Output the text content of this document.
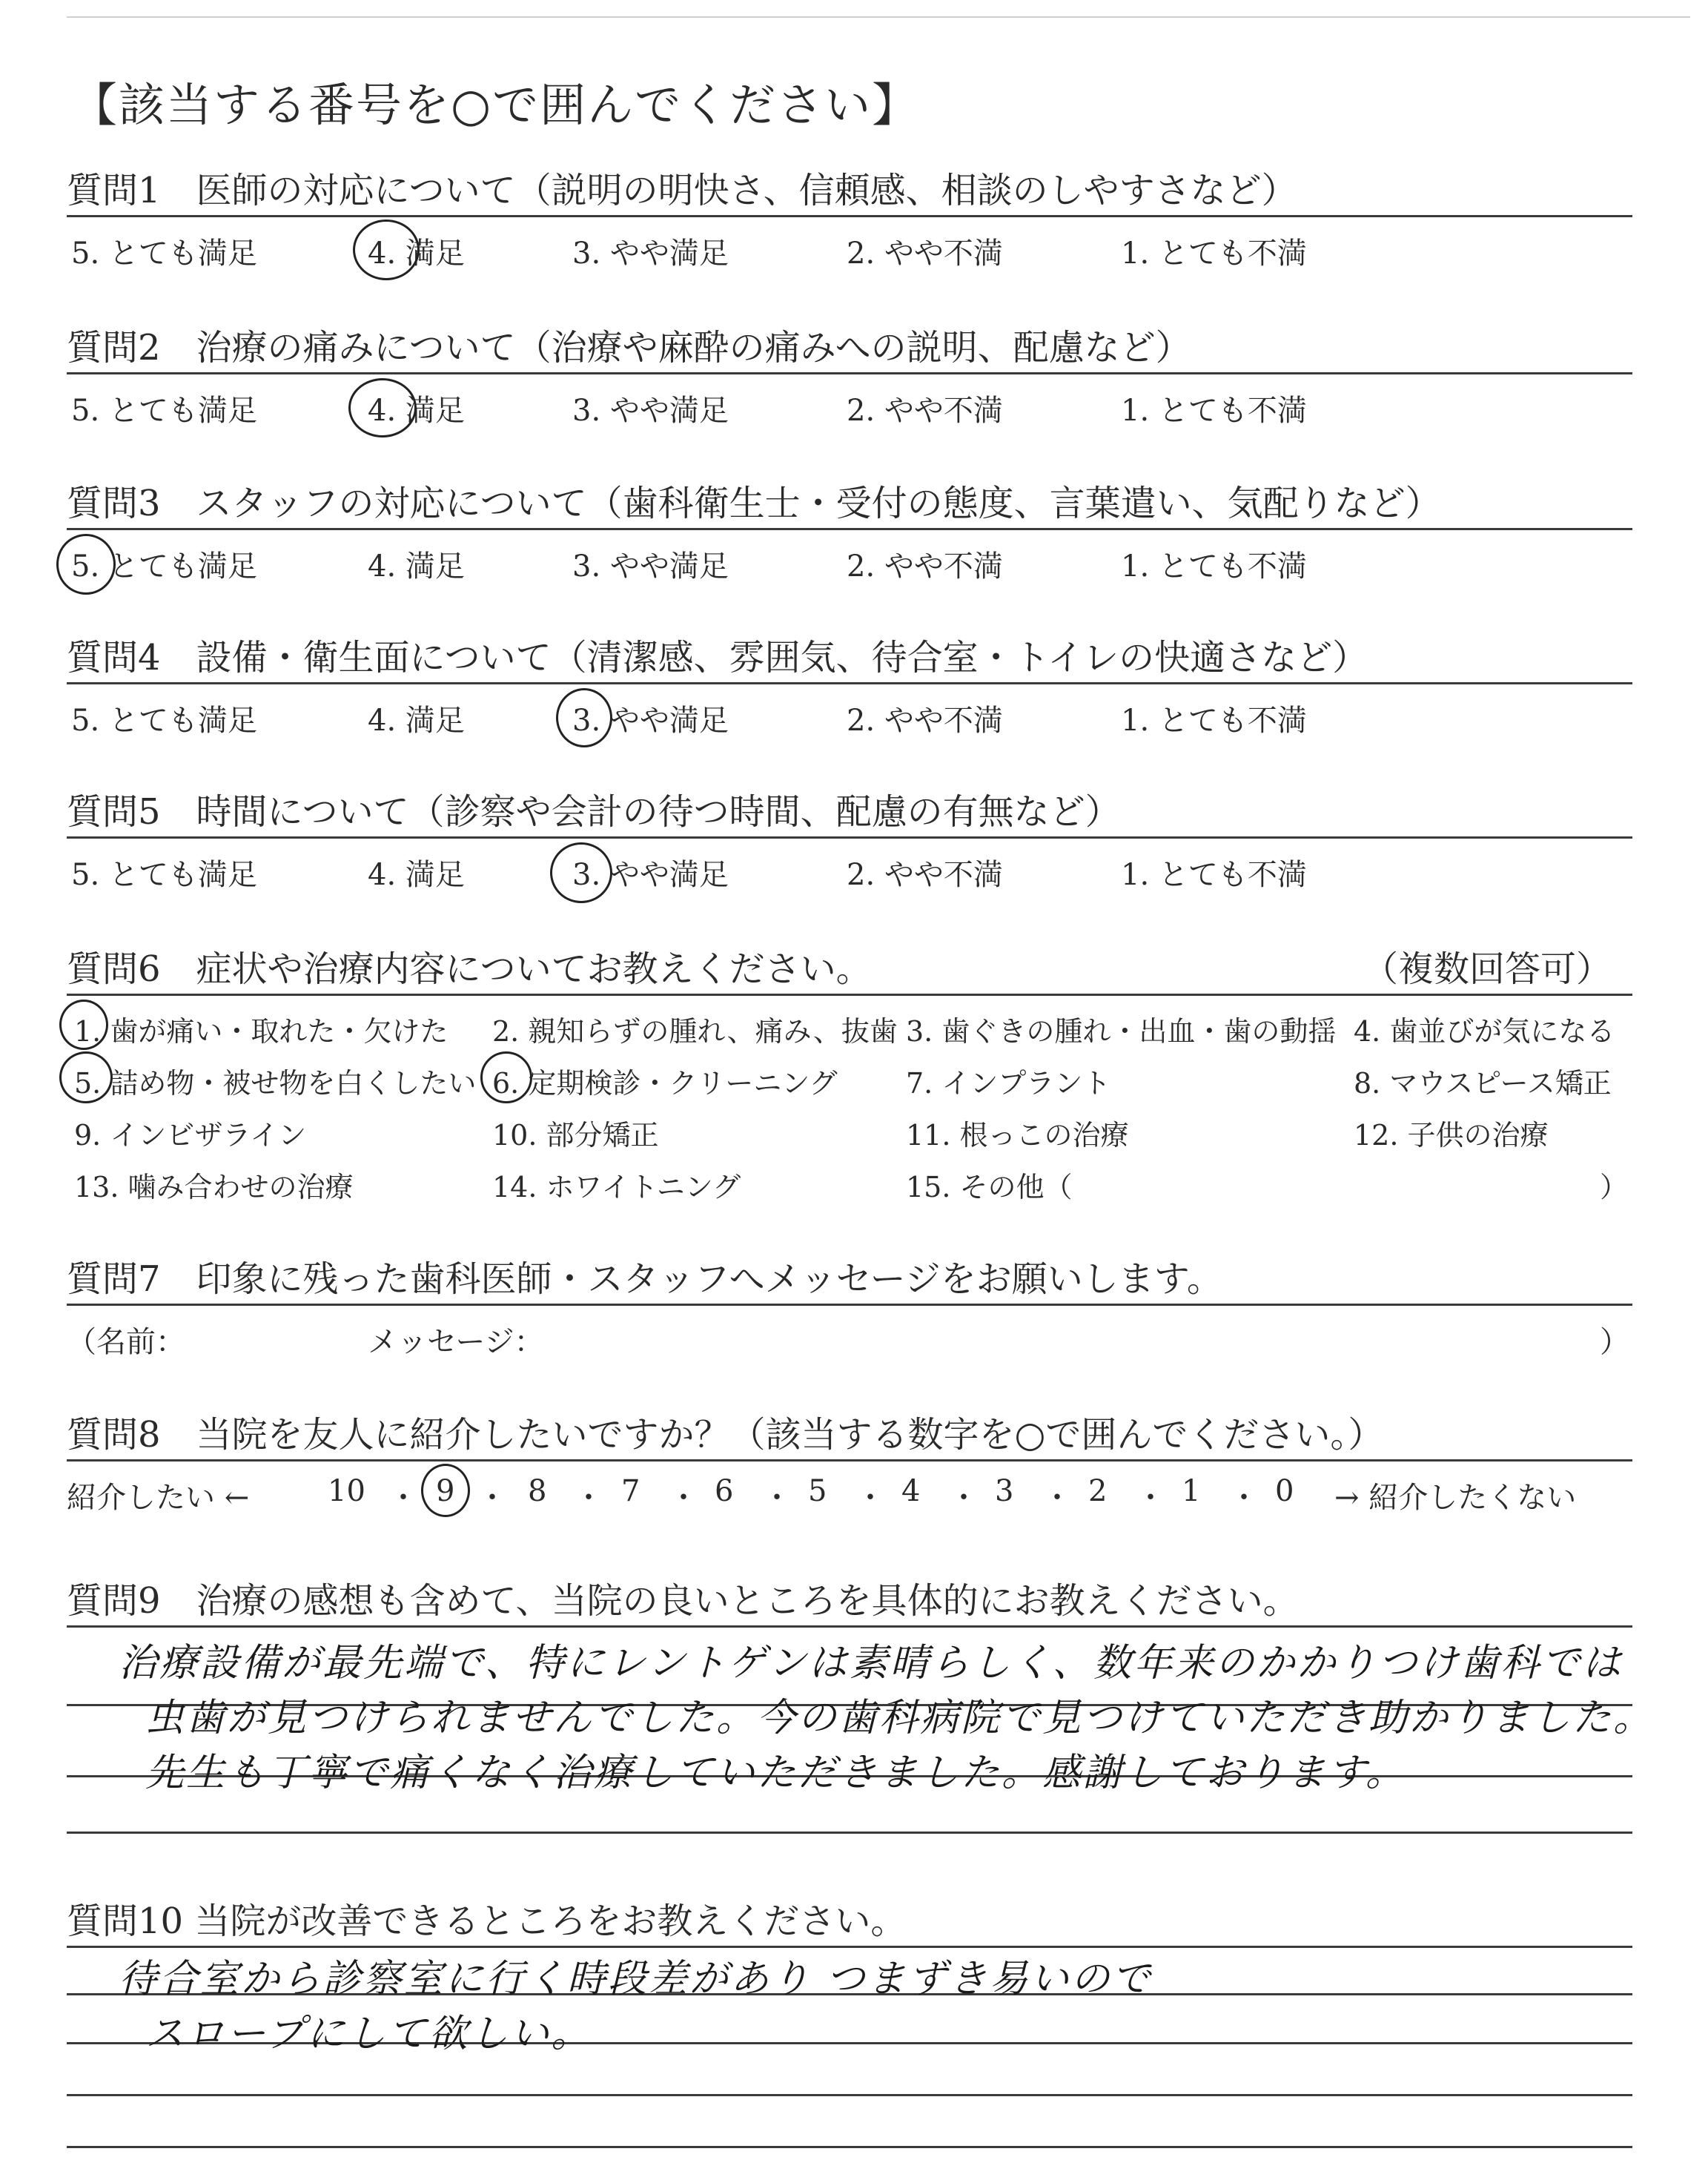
【該当する番号を○で囲んでください】
質問1　医師の対応について（説明の明快さ、信頼感、相談のしやすさなど）
5. とても満足	4. 満足	3. やや満足	2. やや不満	1. とても不満
質問2　治療の痛みについて（治療や麻酔の痛みへの説明、配慮など）
5. とても満足	4. 満足	3. やや満足	2. やや不満	1. とても不満
質問3　スタッフの対応について（歯科衛生士・受付の態度、言葉遣い、気配りなど）
5. とても満足	4. 満足	3. やや満足	2. やや不満	1. とても不満
質問4　設備・衛生面について（清潔感、雰囲気、待合室・トイレの快適さなど）
5. とても満足	4. 満足	3. やや満足	2. やや不満	1. とても不満
質問5　時間について（診察や会計の待つ時間、配慮の有無など）
5. とても満足	4. 満足	3. やや満足	2. やや不満	1. とても不満
質問6　症状や治療内容についてお教えください。	（複数回答可）
1. 歯が痛い・取れた・欠けた 2. 親知らずの腫れ、痛み、抜歯 3. 歯ぐきの腫れ・出血・歯の動揺 4. 歯並びが気になる
5. 詰め物・被せ物を白くしたい 6. 定期検診・クリーニング 7. インプラント	8. マウスピース矯正
9. インビザライン	10. 部分矯正	11. 根っこの治療	12. 子供の治療
13. 噛み合わせの治療	14. ホワイトニング	15. その他（	）
質問7　印象に残った歯科医師・スタッフへメッセージをお願いします。
（名前：	メッセージ：	）
質問8　当院を友人に紹介したいですか？（該当する数字を○で囲んでください。）
紹介したい ←	10 ・ 9 ・ 8 ・ 7 ・ 6 ・ 5 ・ 4 ・ 3 ・ 2 ・ 1 ・ 0 → 紹介したくない
質問9　治療の感想も含めて、当院の良いところを具体的にお教えください。
治療設備が最先端で、特にレントゲンは素晴らしく、数年来のかかりつけ歯科では
虫歯が見つけられませんでした。今の歯科病院で見つけていただき助かりました。
先生も丁寧で痛くなく治療していただきました。感謝しております。
質問10 当院が改善できるところをお教えください。
待合室から診察室に行く時段差があり つまずき易いので
スロープにして欲しい。
